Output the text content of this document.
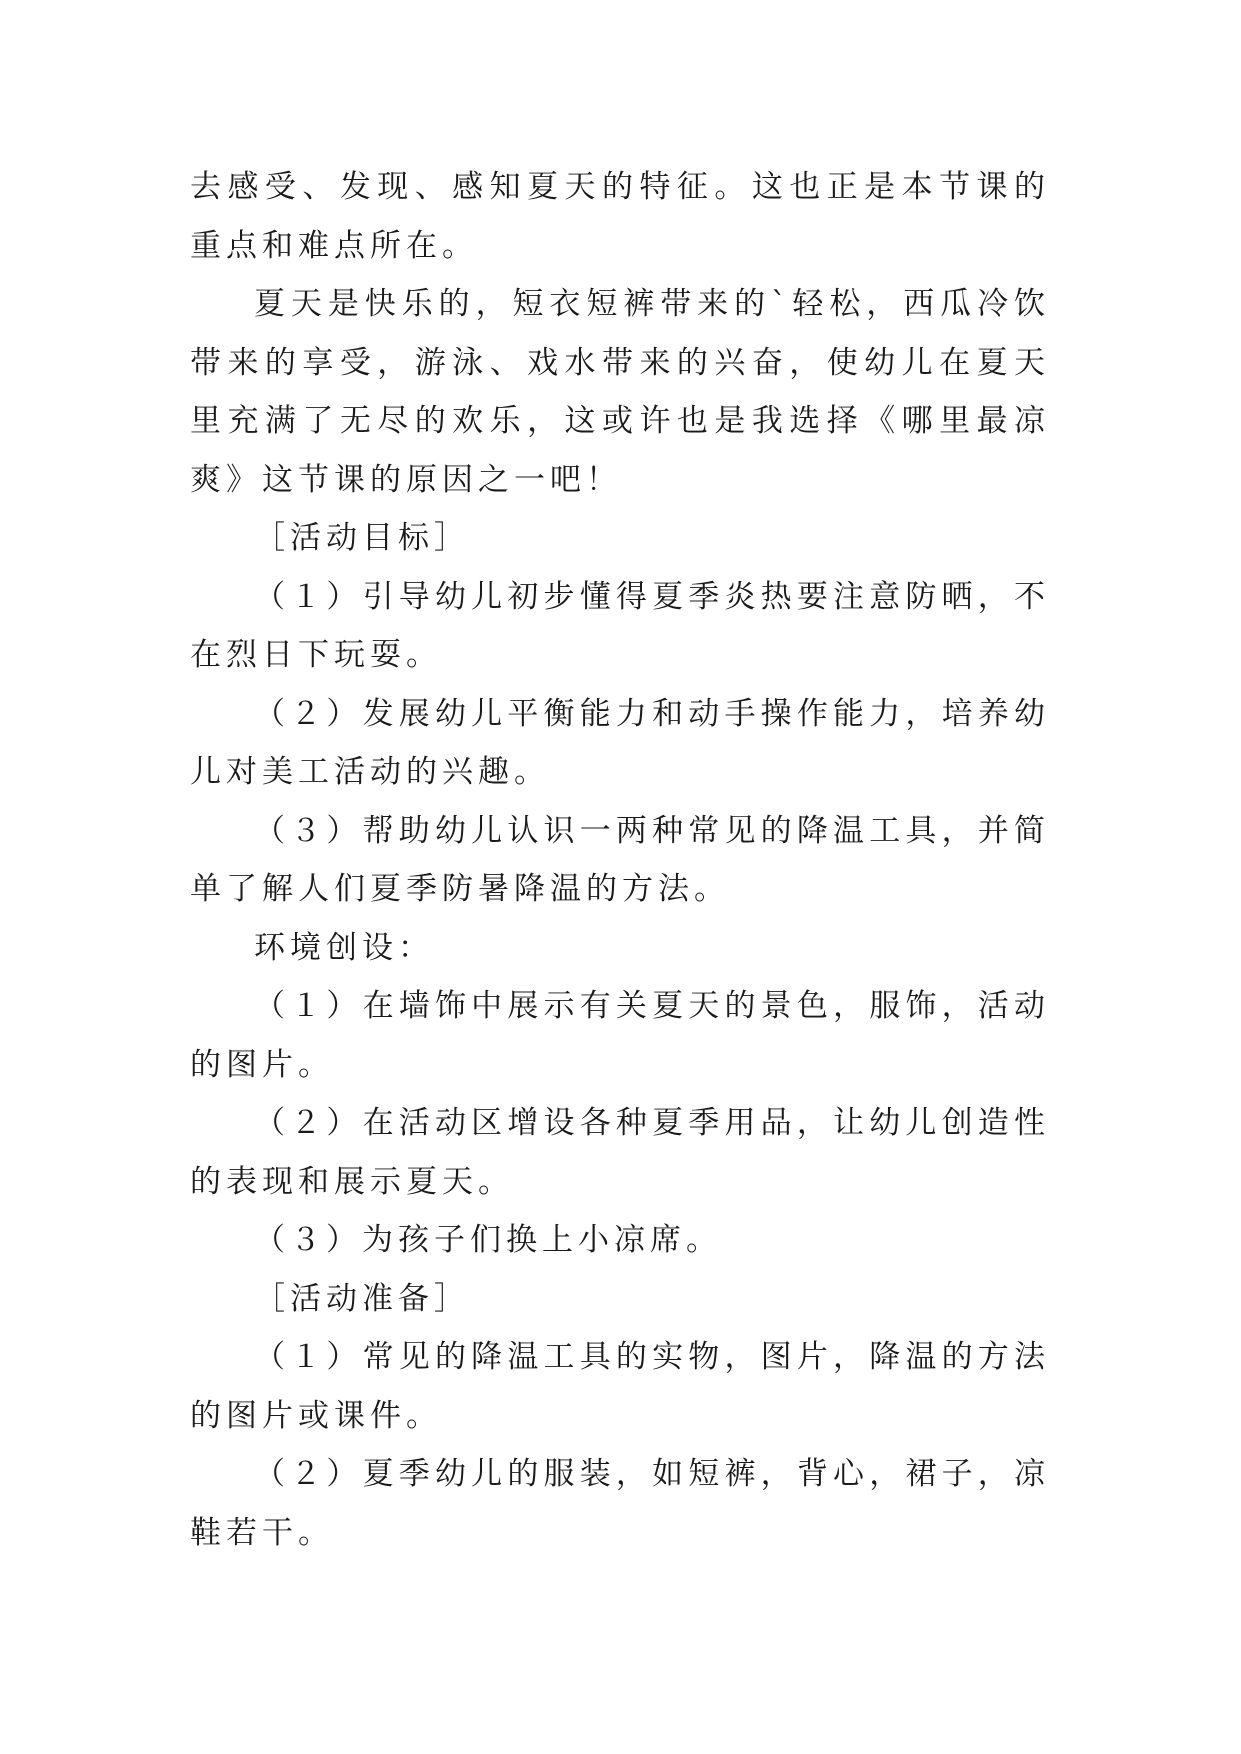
去感受、发现、感知夏天的特征。这也正是本节课的重点和难点所在。

夏天是快乐的，短衣短裤带来的`轻松，西瓜冷饮带来的享受，游泳、戏水带来的兴奋，使幼儿在夏天里充满了无尽的欢乐，这或许也是我选择《哪里最凉爽》这节课的原因之一吧！

［活动目标］

（１）引导幼儿初步懂得夏季炎热要注意防晒，不在烈日下玩耍。

（２）发展幼儿平衡能力和动手操作能力，培养幼儿对美工活动的兴趣。

（３）帮助幼儿认识一两种常见的降温工具，并简单了解人们夏季防暑降温的方法。

环境创设：

（１）在墙饰中展示有关夏天的景色，服饰，活动的图片。

（２）在活动区增设各种夏季用品，让幼儿创造性的表现和展示夏天。

（３）为孩子们换上小凉席。

［活动准备］

（１）常见的降温工具的实物，图片，降温的方法的图片或课件。

（２）夏季幼儿的服装，如短裤，背心，裙子，凉鞋若干。
